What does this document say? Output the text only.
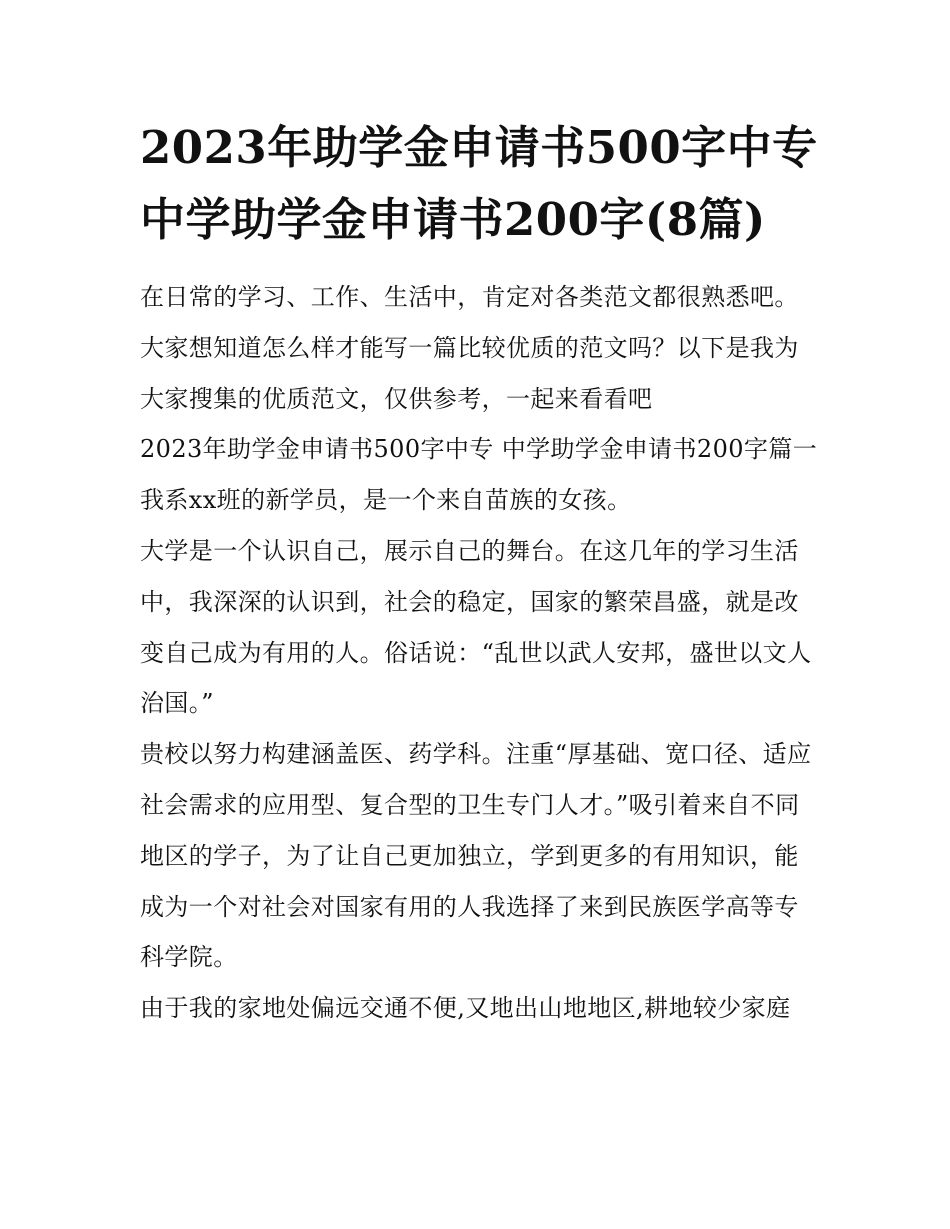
2023年助学金申请书500字中专 中学助学金申请书200字(8篇)

在日常的学习、工作、生活中，肯定对各类范文都很熟悉吧。大家想知道怎么样才能写一篇比较优质的范文吗？以下是我为大家搜集的优质范文，仅供参考，一起来看看吧

2023年助学金申请书500字中专 中学助学金申请书200字篇一 我系xx班的新学员，是一个来自苗族的女孩。

大学是一个认识自己，展示自己的舞台。在这几年的学习生活中，我深深的认识到，社会的稳定，国家的繁荣昌盛，就是改变自己成为有用的人。俗话说：“乱世以武人安邦，盛世以文人治国。”

贵校以努力构建涵盖医、药学科。注重“厚基础、宽口径、适应社会需求的应用型、复合型的卫生专门人才。”吸引着来自不同地区的学子，为了让自己更加独立，学到更多的有用知识，能成为一个对社会对国家有用的人我选择了来到民族医学高等专科学院。

由于我的家地处偏远交通不便,又地出山地地区,耕地较少家庭
